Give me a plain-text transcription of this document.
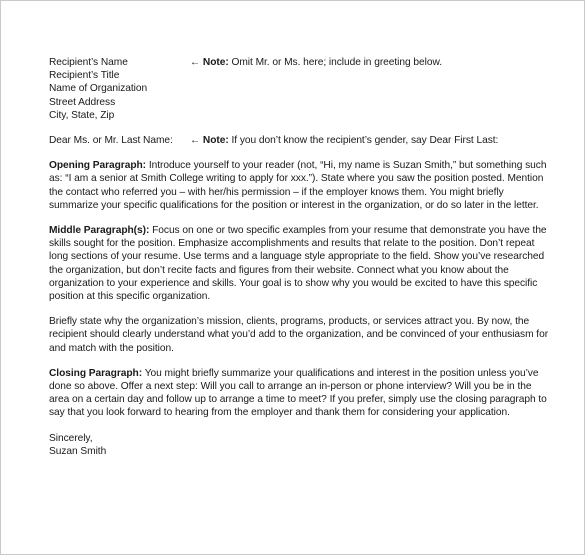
Recipient’s Name	← Note: Omit Mr. or Ms. here; include in greeting below.
Recipient’s Title
Name of Organization
Street Address
City, State, Zip
Dear Ms. or Mr. Last Name: ← Note: If you don’t know the recipient’s gender, say Dear First Last:

Opening Paragraph: Introduce yourself to your reader (not, “Hi, my name is Suzan Smith,” but something such as: “I am a senior at Smith College writing to apply for xxx.”). State where you saw the position posted. Mention the contact who referred you – with her/his permission – if the employer knows them. You might briefly summarize your specific qualifications for the position or interest in the organization, or do so later in the letter.

Middle Paragraph(s): Focus on one or two specific examples from your resume that demonstrate you have the skills sought for the position. Emphasize accomplishments and results that relate to the position. Don’t repeat long sections of your resume. Use terms and a language style appropriate to the field. Show you’ve researched the organization, but don’t recite facts and figures from their website. Connect what you know about the organization to your experience and skills. Your goal is to show why you would be excited to have this specific position at this specific organization.

Briefly state why the organization’s mission, clients, programs, products, or services attract you. By now, the recipient should clearly understand what you’d add to the organization, and be convinced of your enthusiasm for and match with the position.

Closing Paragraph: You might briefly summarize your qualifications and interest in the position unless you’ve done so above. Offer a next step: Will you call to arrange an in-person or phone interview? Will you be in the area on a certain day and follow up to arrange a time to meet? If you prefer, simply use the closing paragraph to say that you look forward to hearing from the employer and thank them for considering your application.

Sincerely,
Suzan Smith
